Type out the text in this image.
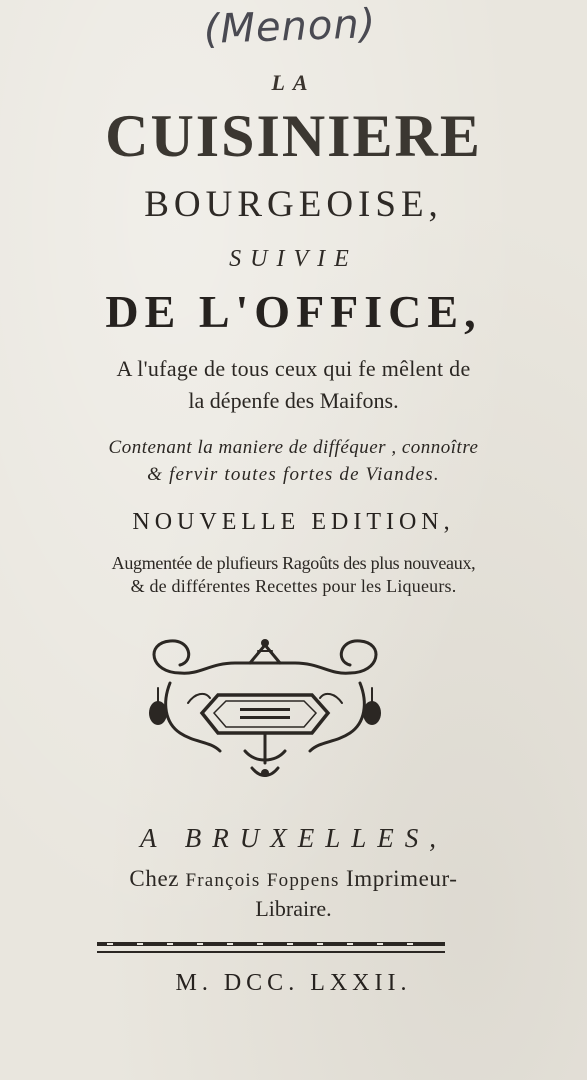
(Menon)
LA
CUISINIERE
BOURGEOISE,
SUIVIE
DE L'OFFICE,
A l'ufage de tous ceux qui fe mêlent de
la dépenfe des Maifons.
Contenant la maniere de difféquer , connoître
& fervir toutes fortes de Viandes.
NOUVELLE EDITION,
Augmentée de plufieurs Ragoûts des plus nouveaux,
& de différentes Recettes pour les Liqueurs.
A BRUXELLES,
Chez François Foppens Imprimeur-
Libraire.
M. DCC. LXXII.
